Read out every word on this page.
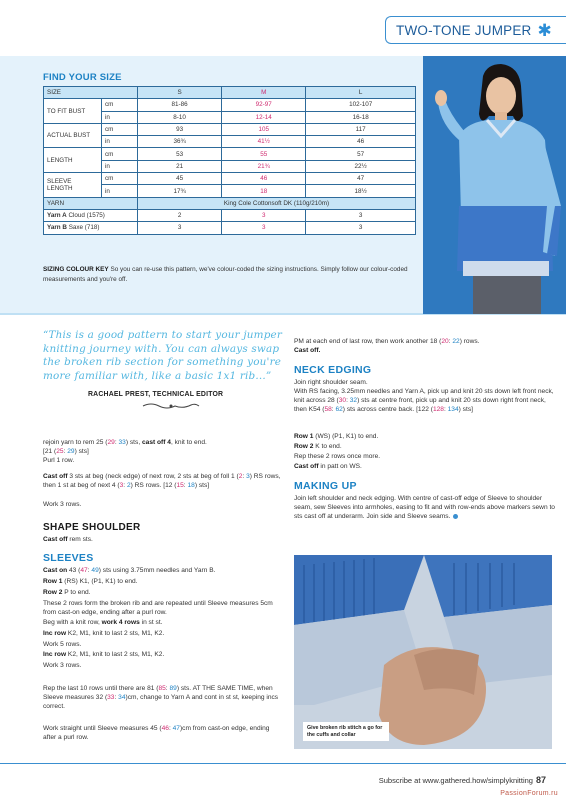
TWO-TONE JUMPER ✱
FIND YOUR SIZE
SIZE		S	M	L
TO FIT BUST	cm	81-86	92-97	102-107
	in	8-10	12-14	16-18
ACTUAL BUST	cm	93	105	117
	in	36¾	41½	46
LENGTH	cm	53	55	57
	in	21	21¾	22½
SLEEVE LENGTH	cm	45	46	47
	in	17¾	18	18½
YARN		King Cole Cottonsoft DK (110g/210m)		
Yarn A Cloud (1575)		2	3	3
Yarn B Saxe (718)		3	3	3
SIZING COLOUR KEY So you can re-use this pattern, we've colour-coded the sizing instructions. Simply follow our colour-coded measurements and you're off.
“This is a good pattern to start your jumper knitting journey with. You can always swap the broken rib section for something you're more familiar with, like a basic 1x1 rib...”
RACHAEL PREST, TECHNICAL EDITOR
rejoin yarn to rem 25 (29: 33) sts, cast off 4, knit to end.
[21 (25: 29) sts]
Purl 1 row.
Cast off 3 sts at beg (neck edge) of next row, 2 sts at beg of foll 1 (2: 3) RS rows, then 1 st at beg of next 4 (3: 2) RS rows. [12 (15: 18) sts]
Work 3 rows.
SHAPE SHOULDER
Cast off rem sts.
SLEEVES
Cast on 43 (47: 49) sts using 3.75mm needles and Yarn B.
Row 1 (RS) K1, (P1, K1) to end.
Row 2 P to end.
These 2 rows form the broken rib and are repeated until Sleeve measures 5cm from cast-on edge, ending after a purl row.
Beg with a knit row, work 4 rows in st st.
Inc row K2, M1, knit to last 2 sts, M1, K2.
Work 5 rows.
Inc row K2, M1, knit to last 2 sts, M1, K2.
Work 3 rows.
Rep the last 10 rows until there are 81 (85: 89) sts. AT THE SAME TIME, when Sleeve measures 32 (33: 34)cm, change to Yarn A and cont in st st, keeping incs correct.
Work straight until Sleeve measures 45 (46: 47)cm from cast-on edge, ending after a purl row.
PM at each end of last row, then work another 18 (20: 22) rows.
Cast off.
NECK EDGING
Join right shoulder seam.
With RS facing, 3.25mm needles and Yarn A, pick up and knit 20 sts down left front neck, knit across 28 (30: 32) sts at centre front, pick up and knit 20 sts down right front neck, then K54 (58: 62) sts across centre back. [122 (128: 134) sts]
Row 1 (WS) (P1, K1) to end.
Row 2 K to end.
Rep these 2 rows once more.
Cast off in patt on WS.
MAKING UP
Join left shoulder and neck edging. With centre of cast-off edge of Sleeve to shoulder seam, sew Sleeves into armholes, easing to fit and with row-ends above markers sewn to sts cast off at underarm. Join side and Sleeve seams.
Give broken rib stitch a go for the cuffs and collar
Subscribe at www.gathered.how/simplyknitting 87
PassionForum.ru
